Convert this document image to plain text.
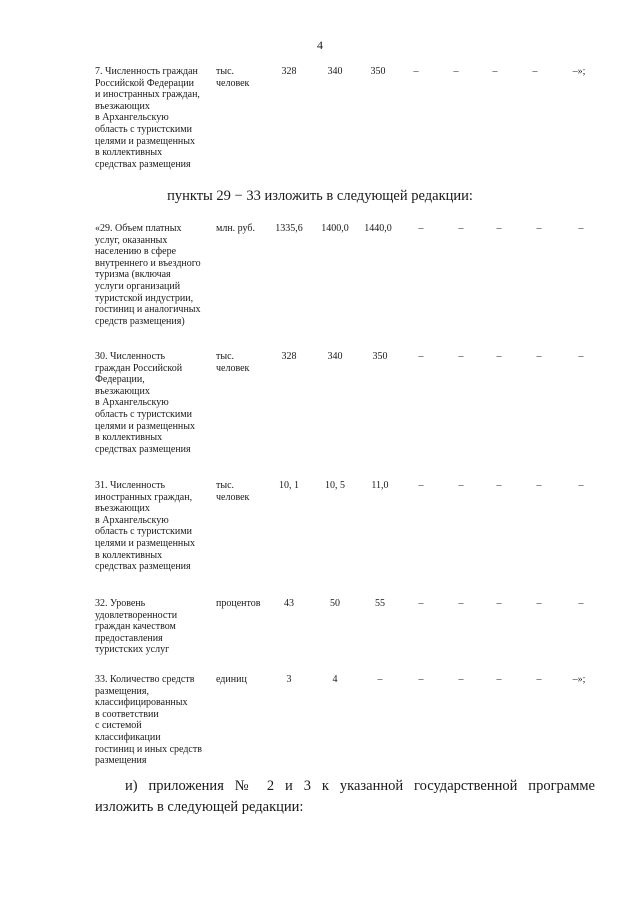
4
7. Численность граждан
Российской Федерации
и иностранных граждан,
въезжающих
в Архангельскую
область с туристскими
целями и размещенных
в коллективных
средствах размещения
тыс.
человек
328	340	350	–	–	–	–	–»;
пункты 29 − 33 изложить в следующей редакции:
«29. Объем платных
услуг, оказанных
населению в сфере
внутреннего и въездного
туризма (включая
услуги организаций
туристской индустрии,
гостиниц и аналогичных
средств размещения)
млн. руб.	1335,6	1400,0	1440,0	–	–	–	–	–
30. Численность
граждан Российской
Федерации,
въезжающих
в Архангельскую
область с туристскими
целями и размещенных
в коллективных
средствах размещения
тыс.
человек
328	340	350	–	–	–	–	–
31. Численность
иностранных граждан,
въезжающих
в Архангельскую
область с туристскими
целями и размещенных
в коллективных
средствах размещения
тыс.
человек
10, 1	10, 5	11,0	–	–	–	–	–
32. Уровень
удовлетворенности
граждан качеством
предоставления
туристских услуг
процентов	43	50	55	–	–	–	–	–
33. Количество средств
размещения,
классифицированных
в соответствии
с системой
классификации
гостиниц и иных средств
размещения
единиц	3	4	–	–	–	–	–	–»;
и) приложения № 2 и 3 к указанной государственной программе
изложить в следующей редакции:
